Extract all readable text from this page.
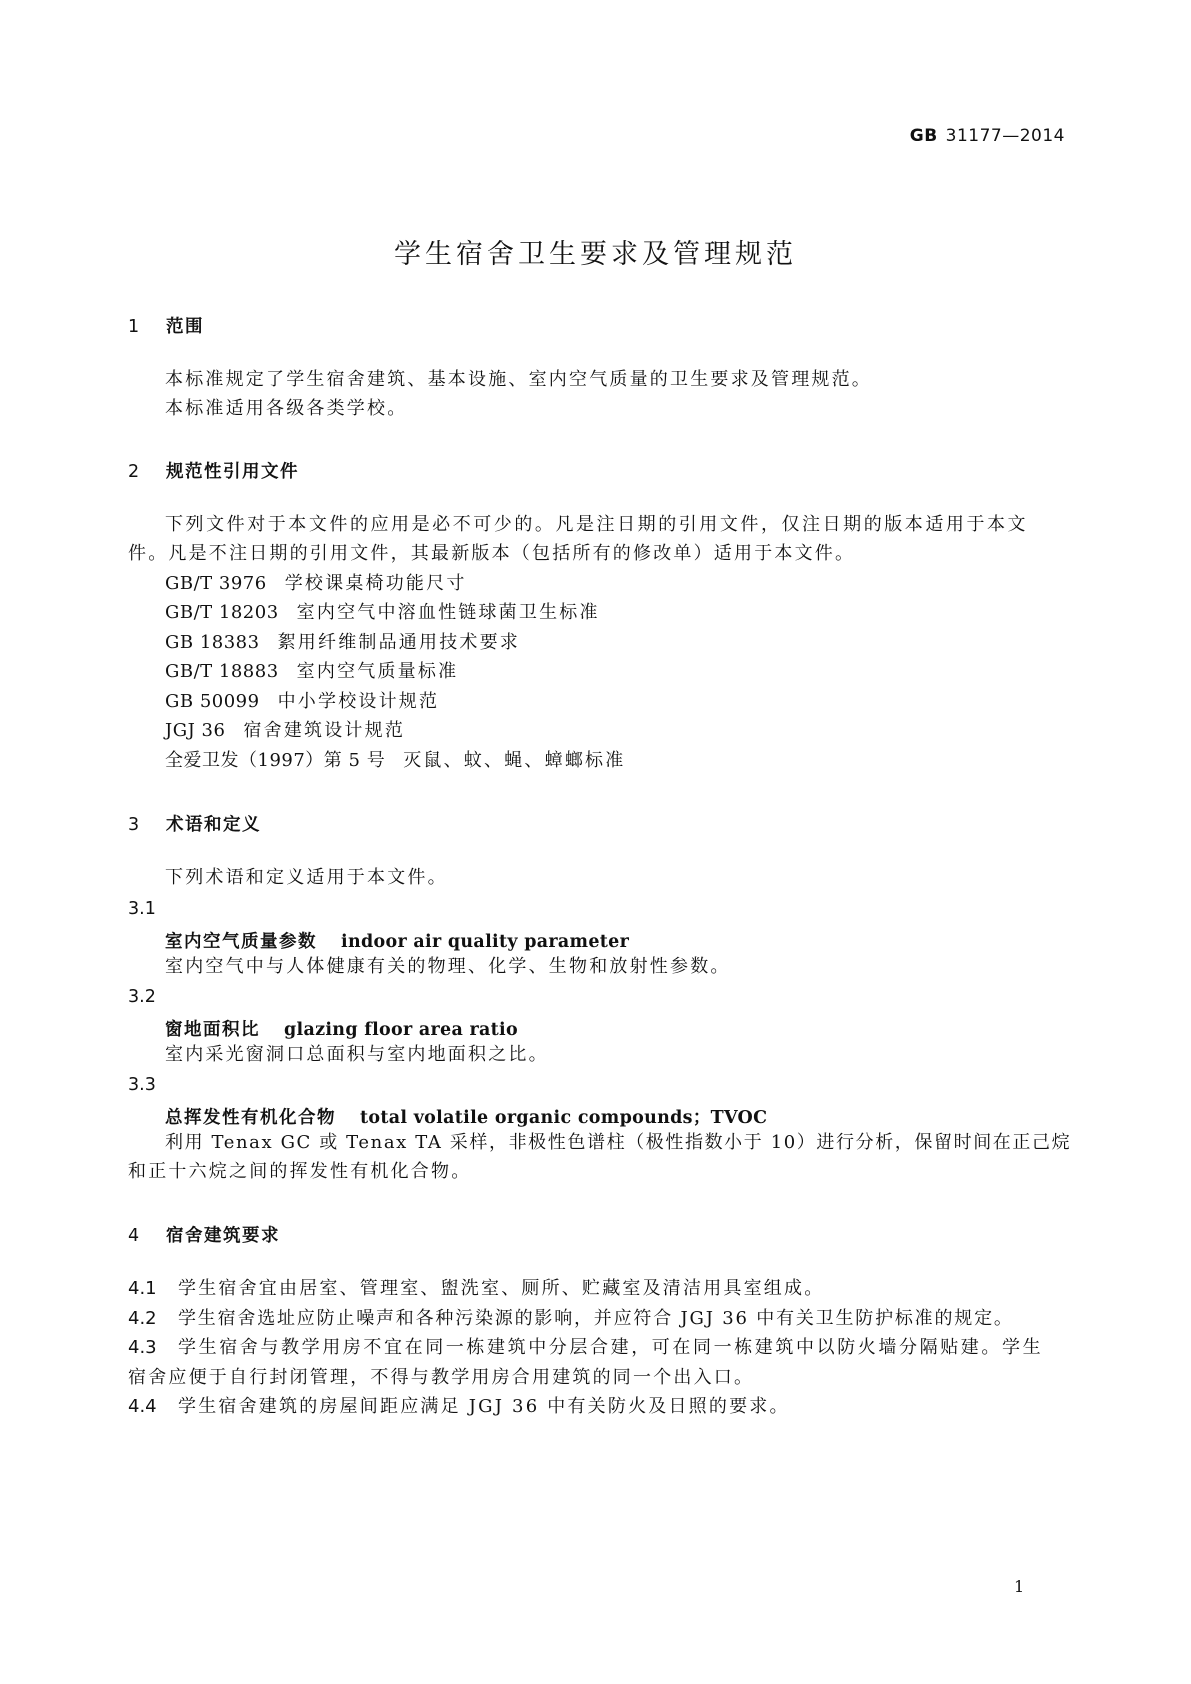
GB 31177—2014
学生宿舍卫生要求及管理规范
1 范围
本标准规定了学生宿舍建筑、基本设施、室内空气质量的卫生要求及管理规范。
本标准适用各级各类学校。
2 规范性引用文件
下列文件对于本文件的应用是必不可少的。凡是注日期的引用文件，仅注日期的版本适用于本文
件。凡是不注日期的引用文件，其最新版本（包括所有的修改单）适用于本文件。
GB/T 3976 学校课桌椅功能尺寸
GB/T 18203 室内空气中溶血性链球菌卫生标准
GB 18383 絮用纤维制品通用技术要求
GB/T 18883 室内空气质量标准
GB 50099 中小学校设计规范
JGJ 36 宿舍建筑设计规范
全爱卫发（1997）第 5 号 灭鼠、蚊、蝇、蟑螂标准
3 术语和定义
下列术语和定义适用于本文件。
3.1
室内空气质量参数 indoor air quality parameter
室内空气中与人体健康有关的物理、化学、生物和放射性参数。
3.2
窗地面积比 glazing floor area ratio
室内采光窗洞口总面积与室内地面积之比。
3.3
总挥发性有机化合物 total volatile organic compounds；TVOC
利用 Tenax GC 或 Tenax TA 采样，非极性色谱柱（极性指数小于 10）进行分析，保留时间在正己烷
和正十六烷之间的挥发性有机化合物。
4 宿舍建筑要求
4.1 学生宿舍宜由居室、管理室、盥洗室、厕所、贮藏室及清洁用具室组成。
4.2 学生宿舍选址应防止噪声和各种污染源的影响，并应符合 JGJ 36 中有关卫生防护标准的规定。
4.3 学生宿舍与教学用房不宜在同一栋建筑中分层合建，可在同一栋建筑中以防火墙分隔贴建。学生
宿舍应便于自行封闭管理，不得与教学用房合用建筑的同一个出入口。
4.4 学生宿舍建筑的房屋间距应满足 JGJ 36 中有关防火及日照的要求。
1
